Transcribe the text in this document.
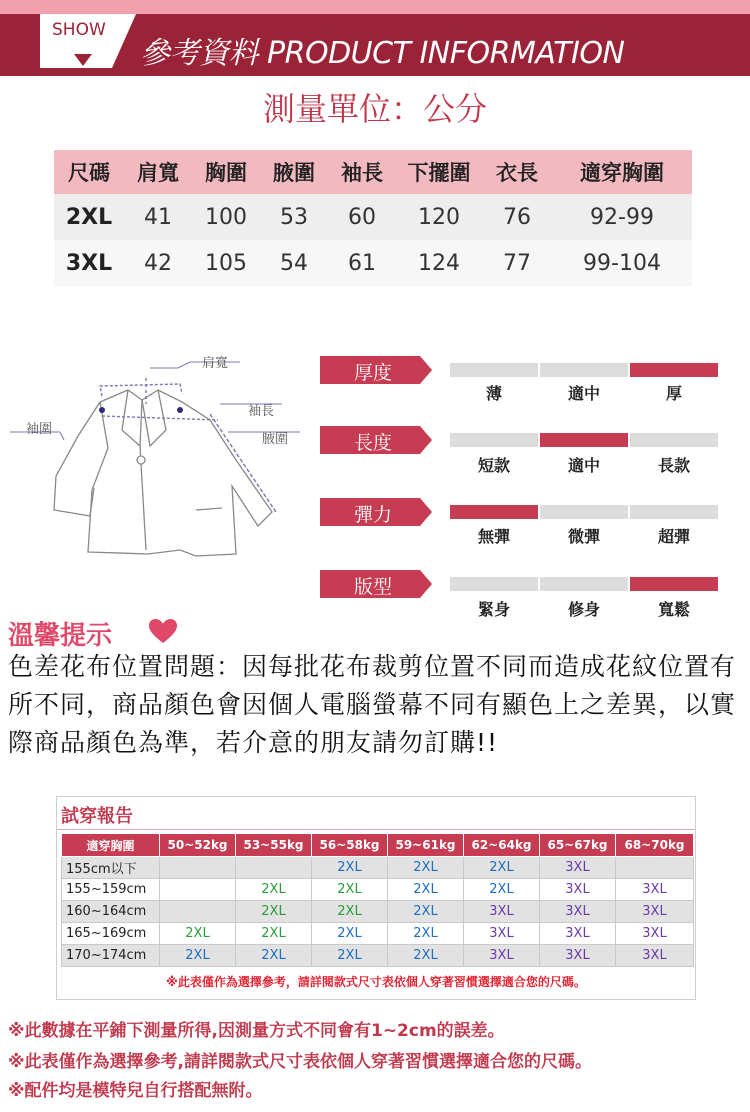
SHOW
參考資料 PRODUCT INFORMATION
測量單位：公分
尺碼	肩寬	胸圍	腋圍	袖長	下擺圍	衣長	適穿胸圍
2XL	41	100	53	60	120	76	92-99
3XL	42	105	54	61	124	77	99-104
肩寬
袖長
腋圍
袖圍
厚度
薄	適中	厚
長度
短款	適中	長款
彈力
無彈	微彈	超彈
版型
緊身	修身	寬鬆
溫馨提示
色差花布位置問題：因每批花布裁剪位置不同而造成花紋位置有所不同，商品顏色會因個人電腦螢幕不同有顯色上之差異，以實際商品顏色為準，若介意的朋友請勿訂購!!
試穿報告
適穿胸圍	50~52kg	53~55kg	56~58kg	59~61kg	62~64kg	65~67kg	68~70kg
155cm以下			2XL	2XL	2XL	3XL	
155~159cm		2XL	2XL	2XL	2XL	3XL	3XL
160~164cm		2XL	2XL	2XL	3XL	3XL	3XL
165~169cm	2XL	2XL	2XL	2XL	3XL	3XL	3XL
170~174cm	2XL	2XL	2XL	2XL	3XL	3XL	3XL
※此表僅作為選擇參考，請詳閱款式尺寸表依個人穿著習慣選擇適合您的尺碼。
※此數據在平鋪下測量所得,因測量方式不同會有1~2cm的誤差。
※此表僅作為選擇參考,請詳閱款式尺寸表依個人穿著習慣選擇適合您的尺碼。
※配件均是模特兒自行搭配無附。
